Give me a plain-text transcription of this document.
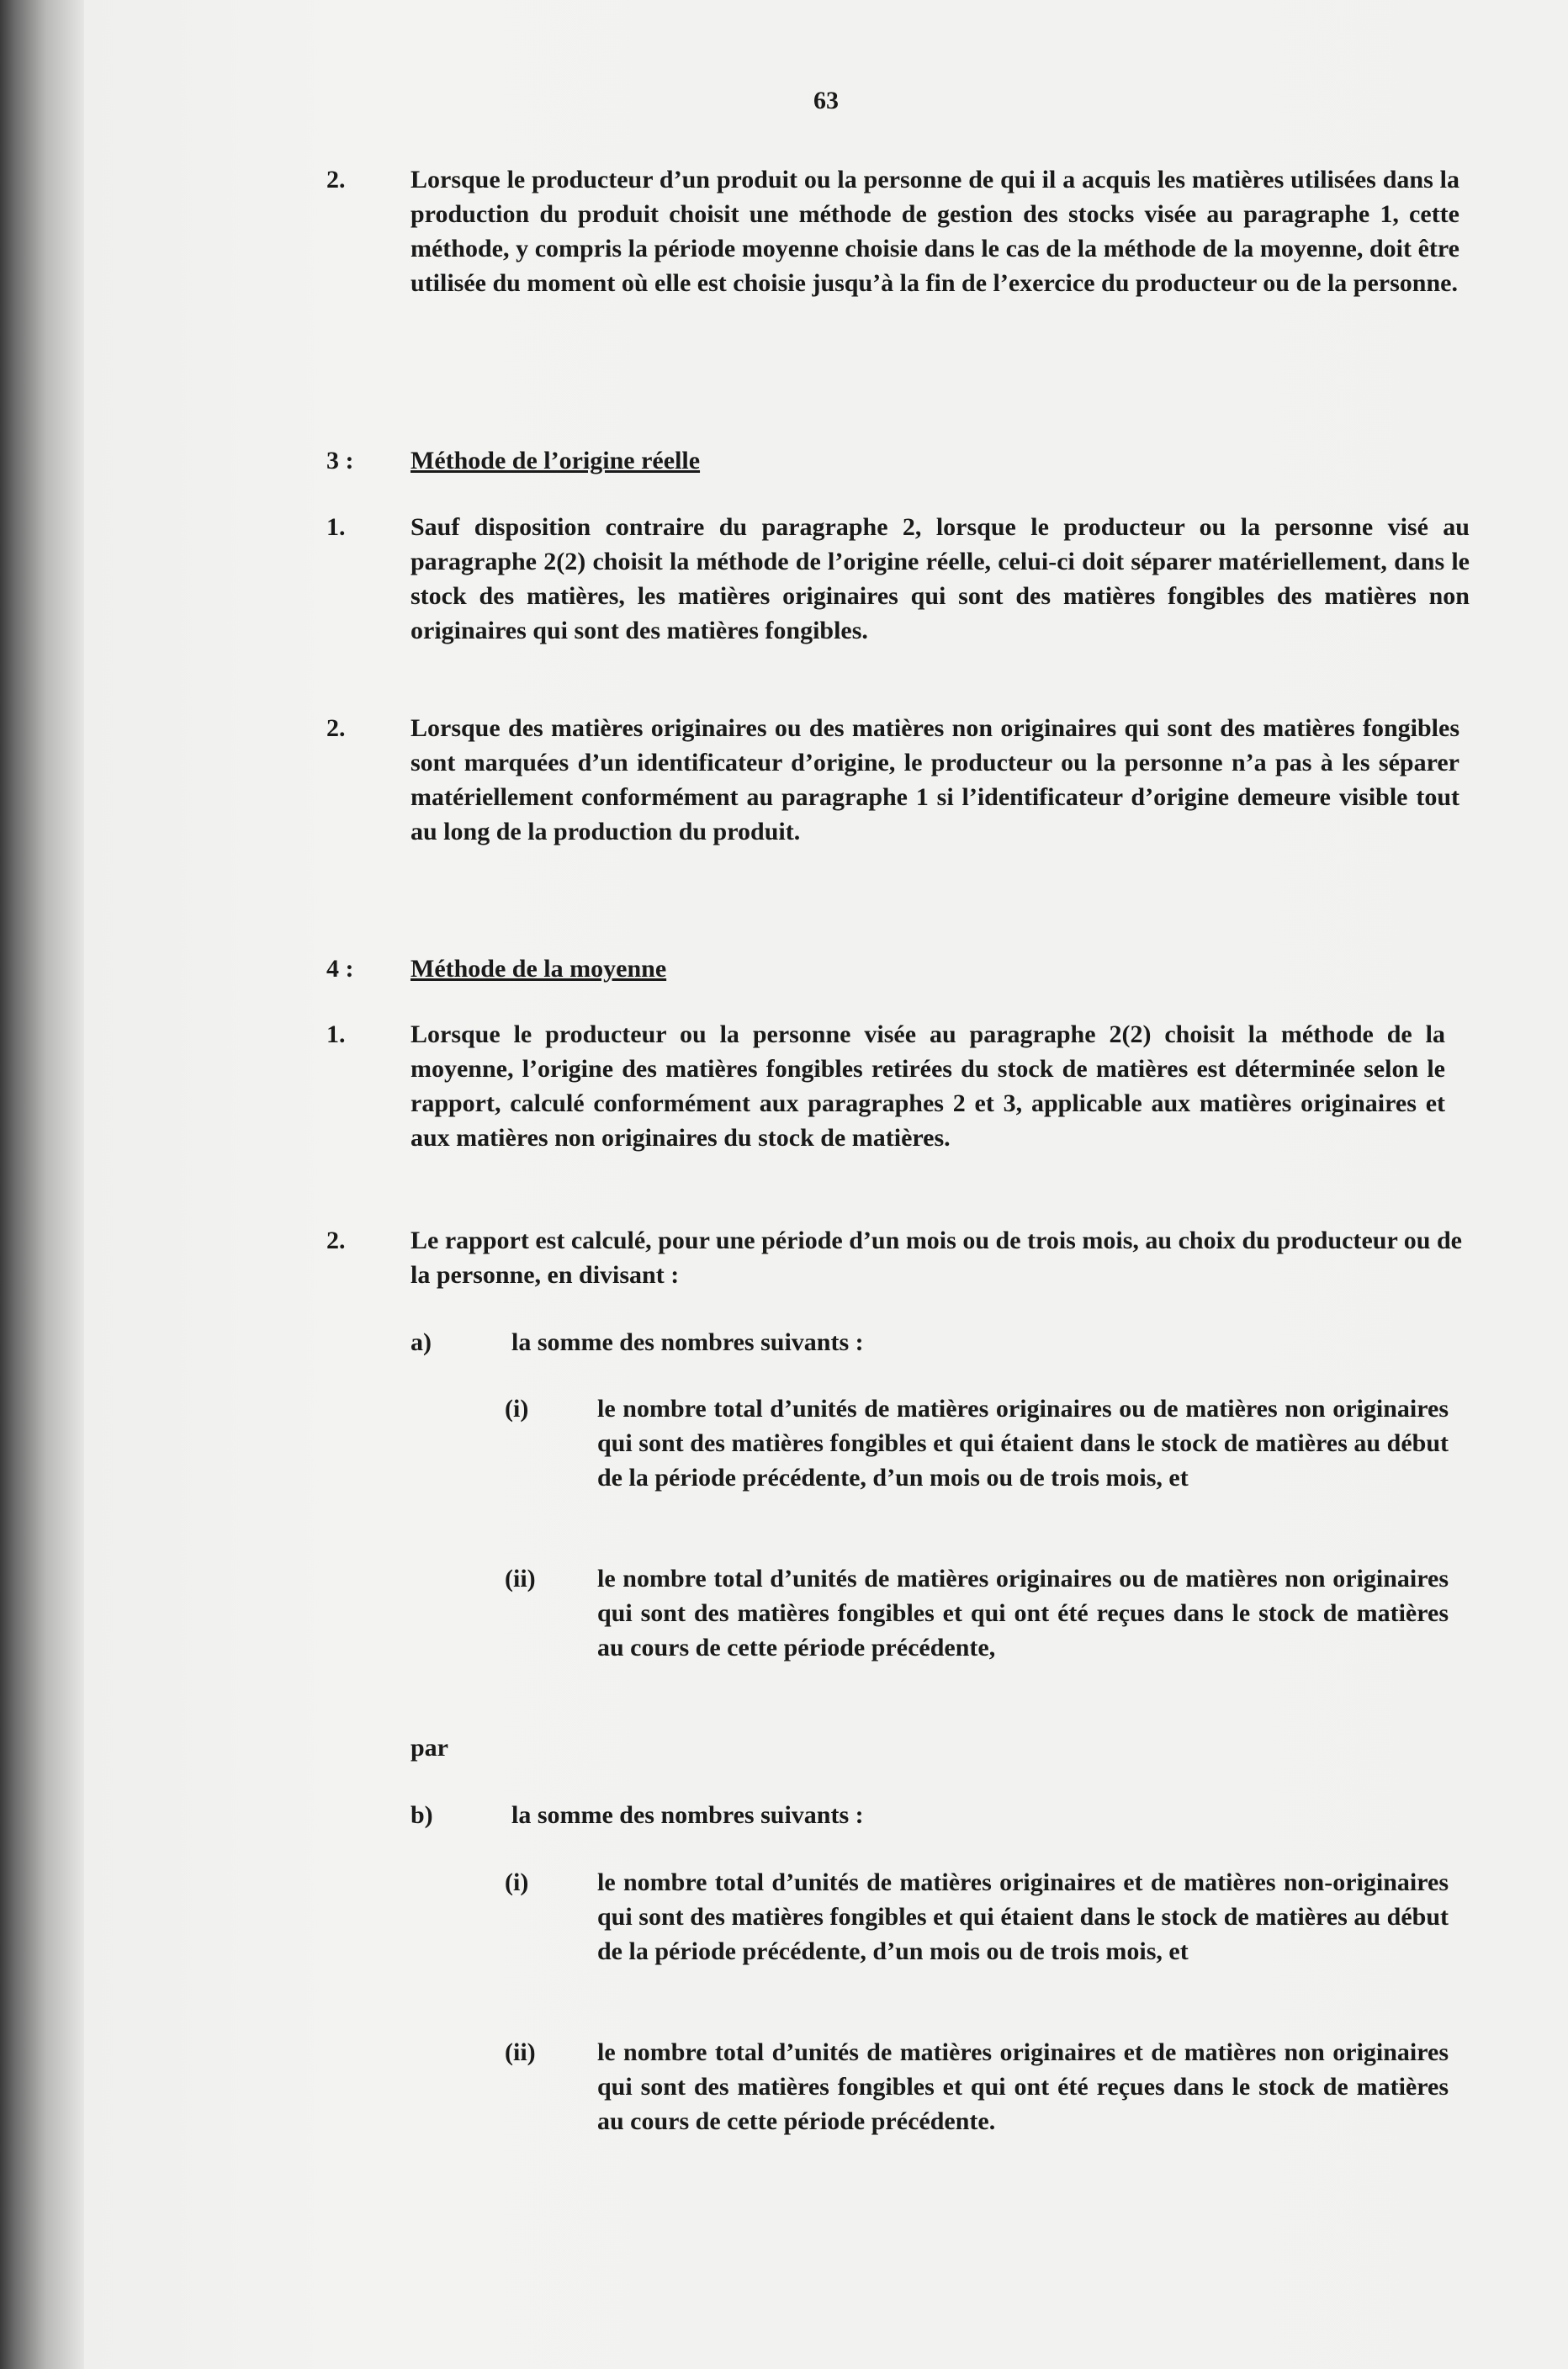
63
2.	Lorsque le producteur d’un produit ou la personne de qui il a acquis les matières utilisées dans la production du produit choisit une méthode de gestion des stocks visée au paragraphe 1, cette méthode, y compris la période moyenne choisie dans le cas de la méthode de la moyenne, doit être utilisée du moment où elle est choisie jusqu’à la fin de l’exercice du producteur ou de la personne.

3 : Méthode de l’origine réelle
1.	Sauf disposition contraire du paragraphe 2, lorsque le producteur ou la personne visé au paragraphe 2(2) choisit la méthode de l’origine réelle, celui-ci doit séparer matériellement, dans le stock des matières, les matières originaires qui sont des matières fongibles des matières non originaires qui sont des matières fongibles.

2.	Lorsque des matières originaires ou des matières non originaires qui sont des matières fongibles sont marquées d’un identificateur d’origine, le producteur ou la personne n’a pas à les séparer matériellement conformément au paragraphe 1 si l’identificateur d’origine demeure visible tout au long de la production du produit.

4 : Méthode de la moyenne
1.	Lorsque le producteur ou la personne visée au paragraphe 2(2) choisit la méthode de la moyenne, l’origine des matières fongibles retirées du stock de matières est déterminée selon le rapport, calculé conformément aux paragraphes 2 et 3, applicable aux matières originaires et aux matières non originaires du stock de matières.

2.	Le rapport est calculé, pour une période d’un mois ou de trois mois, au choix du producteur ou de la personne, en divisant :

a)	la somme des nombres suivants :

(i)	le nombre total d’unités de matières originaires ou de matières non originaires qui sont des matières fongibles et qui étaient dans le stock de matières au début de la période précédente, d’un mois ou de trois mois, et

(ii) le nombre total d’unités de matières originaires ou de matières non originaires qui sont des matières fongibles et qui ont été reçues dans le stock de matières au cours de cette période précédente,

par

b)	la somme des nombres suivants :

(i)	le nombre total d’unités de matières originaires et de matières non-originaires qui sont des matières fongibles et qui étaient dans le stock de matières au début de la période précédente, d’un mois ou de trois mois, et

(ii) le nombre total d’unités de matières originaires et de matières non originaires qui sont des matières fongibles et qui ont été reçues dans le stock de matières au cours de cette période précédente.
